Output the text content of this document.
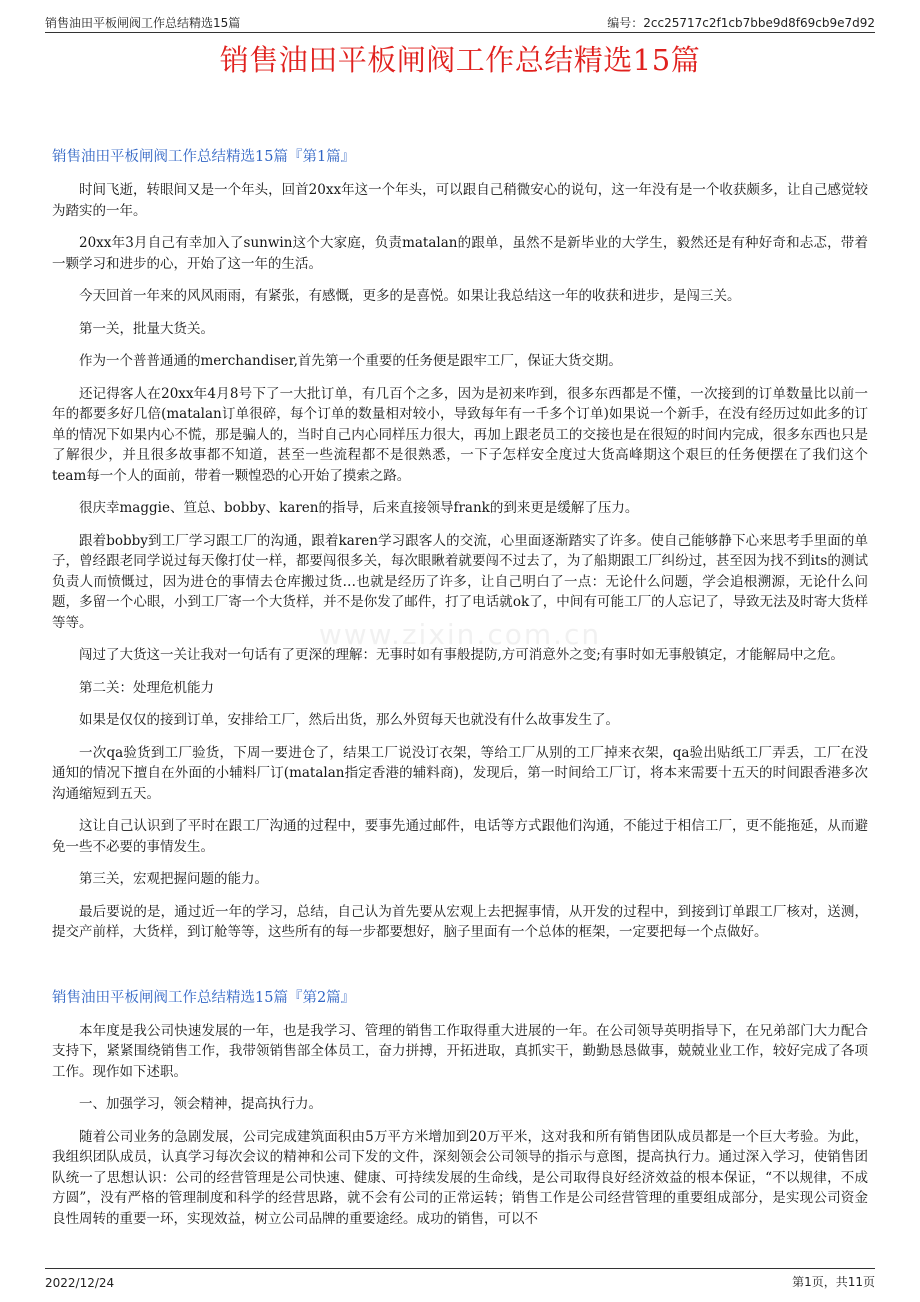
销售油田平板闸阀工作总结精选15篇	编号：2cc25717c2f1cb7bbe9d8f69cb9e7d92
销售油田平板闸阀工作总结精选15篇
www.zixin.com.cn
销售油田平板闸阀工作总结精选15篇『第1篇』

时间飞逝，转眼间又是一个年头，回首20xx年这一个年头，可以跟自己稍微安心的说句，这一年没有是一个收获颇多，让自己感觉较为踏实的一年。

20xx年3月自己有幸加入了sunwin这个大家庭，负责matalan的跟单，虽然不是新毕业的大学生，毅然还是有种好奇和忐忑，带着一颗学习和进步的心，开始了这一年的生活。

今天回首一年来的风风雨雨，有紧张，有感慨，更多的是喜悦。如果让我总结这一年的收获和进步，是闯三关。

第一关，批量大货关。

作为一个普普通通的merchandiser,首先第一个重要的任务便是跟牢工厂，保证大货交期。

还记得客人在20xx年4月8号下了一大批订单，有几百个之多，因为是初来咋到，很多东西都是不懂，一次接到的订单数量比以前一年的都要多好几倍(matalan订单很碎，每个订单的数量相对较小，导致每年有一千多个订单)如果说一个新手，在没有经历过如此多的订单的情况下如果内心不慌，那是骗人的，当时自己内心同样压力很大，再加上跟老员工的交接也是在很短的时间内完成，很多东西也只是了解很少，并且很多故事都不知道，甚至一些流程都不是很熟悉，一下子怎样安全度过大货高峰期这个艰巨的任务便摆在了我们这个team每一个人的面前，带着一颗惶恐的心开始了摸索之路。

很庆幸maggie、笪总、bobby、karen的指导，后来直接领导frank的到来更是缓解了压力。

跟着bobby到工厂学习跟工厂的沟通，跟着karen学习跟客人的交流，心里面逐渐踏实了许多。使自己能够静下心来思考手里面的单子，曾经跟老同学说过每天像打仗一样，都要闯很多关，每次眼瞅着就要闯不过去了，为了船期跟工厂纠纷过，甚至因为找不到its的测试负责人而愤慨过，因为进仓的事情去仓库搬过货…也就是经历了许多，让自己明白了一点：无论什么问题，学会追根溯源，无论什么问题，多留一个心眼，小到工厂寄一个大货样，并不是你发了邮件，打了电话就ok了，中间有可能工厂的人忘记了，导致无法及时寄大货样等等。

闯过了大货这一关让我对一句话有了更深的理解：无事时如有事般提防,方可消意外之变;有事时如无事般镇定，才能解局中之危。

第二关：处理危机能力

如果是仅仅的接到订单，安排给工厂，然后出货，那么外贸每天也就没有什么故事发生了。

一次qa验货到工厂验货，下周一要进仓了，结果工厂说没订衣架，等给工厂从别的工厂掉来衣架，qa验出贴纸工厂弄丢，工厂在没通知的情况下擅自在外面的小辅料厂订(matalan指定香港的辅料商)，发现后，第一时间给工厂订，将本来需要十五天的时间跟香港多次沟通缩短到五天。

这让自己认识到了平时在跟工厂沟通的过程中，要事先通过邮件，电话等方式跟他们沟通，不能过于相信工厂，更不能拖延，从而避免一些不必要的事情发生。

第三关，宏观把握问题的能力。

最后要说的是，通过近一年的学习，总结，自己认为首先要从宏观上去把握事情，从开发的过程中，到接到订单跟工厂核对，送测，提交产前样，大货样，到订舱等等，这些所有的每一步都要想好，脑子里面有一个总体的框架，一定要把每一个点做好。

销售油田平板闸阀工作总结精选15篇『第2篇』

本年度是我公司快速发展的一年，也是我学习、管理的销售工作取得重大进展的一年。在公司领导英明指导下，在兄弟部门大力配合支持下，紧紧围绕销售工作，我带领销售部全体员工，奋力拼搏，开拓进取，真抓实干，勤勤恳恳做事，兢兢业业工作，较好完成了各项工作。现作如下述职。

一、加强学习，领会精神，提高执行力。

随着公司业务的急剧发展，公司完成建筑面积由5万平方米增加到20万平米，这对我和所有销售团队成员都是一个巨大考验。为此，我组织团队成员，认真学习每次会议的精神和公司下发的文件，深刻领会公司领导的指示与意图，提高执行力。通过深入学习，使销售团队统一了思想认识：公司的经营管理是公司快速、健康、可持续发展的生命线，是公司取得良好经济效益的根本保证，“不以规律，不成方圆”，没有严格的管理制度和科学的经营思路，就不会有公司的正常运转；销售工作是公司经营管理的重要组成部分，是实现公司资金良性周转的重要一环，实现效益，树立公司品牌的重要途经。成功的销售，可以不

2022/12/24	第1页，共11页
